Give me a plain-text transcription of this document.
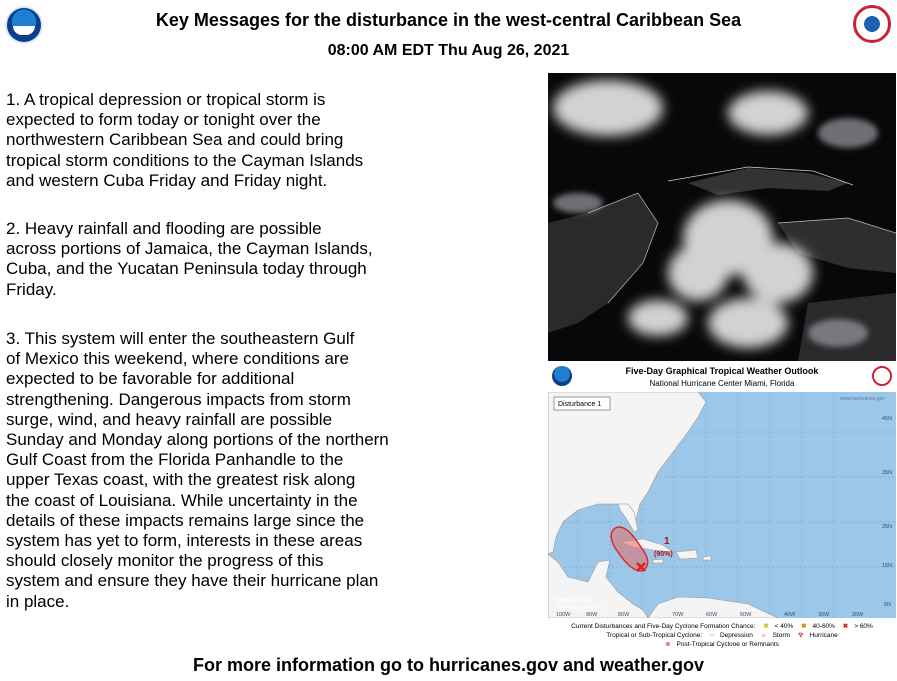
Key Messages for the disturbance in the west-central Caribbean Sea
08:00 AM EDT Thu Aug 26, 2021
1. A tropical depression or tropical storm is
expected to form today or tonight over the
northwestern Caribbean Sea and could bring
tropical storm conditions to the Cayman Islands
and western Cuba Friday and Friday night.
2. Heavy rainfall and flooding are possible
across portions of Jamaica, the Cayman Islands,
Cuba, and the Yucatan Peninsula today through
Friday.
3. This system will enter the southeastern Gulf
of Mexico this weekend, where conditions are
expected to be favorable for additional
strengthening. Dangerous impacts from storm
surge, wind, and heavy rainfall are possible
Sunday and Monday along portions of the northern
Gulf Coast from the Florida Panhandle to the
upper Texas coast, with the greatest risk along
the coast of Louisiana. While uncertainty in the
details of these impacts remains large since the
system has yet to form, interests in these areas
should closely monitor the progress of this
system and ensure they have their hurricane plan
in place.
Five-Day Graphical Tropical Weather Outlook
National Hurricane Center Miami, Florida
1
(90%)
Disturbance 1
www.hurricanes.gov
8:00 am EDT
Thu Aug 26 2021
45N
35N
25N
15N
5N
100W	90W	80W	70W	60W	50W	40W	30W	20W
Current Disturbances and Five-Day Cyclone Formation Chance: ✖ < 40% ✖ 40-60% ✖ > 60%
Tropical or Sub-Tropical Cyclone: ○ Depression ☼ Storm ☢ Hurricane
⊗ Post-Tropical Cyclone or Remnants
For more information go to hurricanes.gov and weather.gov
